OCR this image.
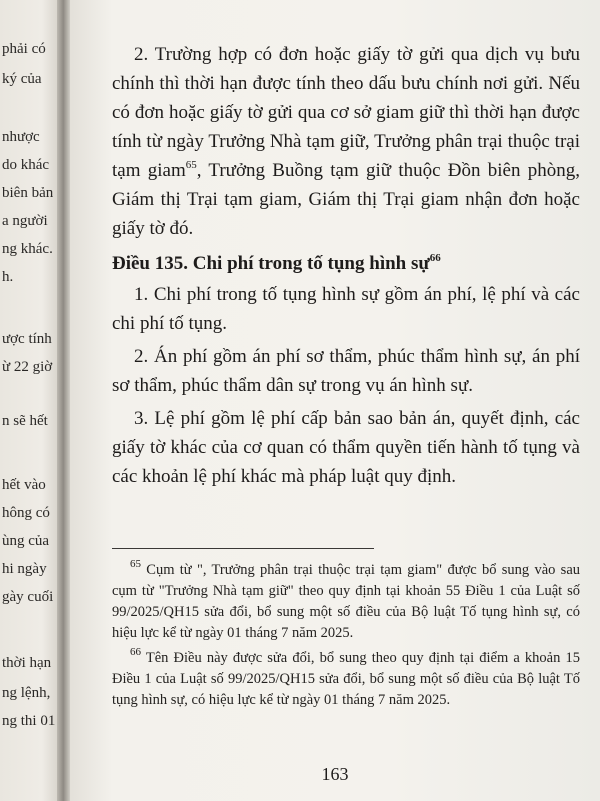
phải có
ký của
nhược
do khác
biên bản
a người
ng khác.
h.
ược tính
ừ 22 giờ
n sẽ hết
hết vào
hông có
ùng của
hi ngày
gày cuối
thời hạn
ng lệnh,
ng thi 01

2. Trường hợp có đơn hoặc giấy tờ gửi qua dịch vụ bưu chính thì thời hạn được tính theo dấu bưu chính nơi gửi. Nếu có đơn hoặc giấy tờ gửi qua cơ sở giam giữ thì thời hạn được tính từ ngày Trưởng Nhà tạm giữ, Trưởng phân trại thuộc trại tạm giam$^{65}$, Trưởng Buồng tạm giữ thuộc Đồn biên phòng, Giám thị Trại tạm giam, Giám thị Trại giam nhận đơn hoặc giấy tờ đó.

Điều 135. Chi phí trong tố tụng hình sự$^{66}$

1. Chi phí trong tố tụng hình sự gồm án phí, lệ phí và các chi phí tố tụng.

2. Án phí gồm án phí sơ thẩm, phúc thẩm hình sự, án phí sơ thẩm, phúc thẩm dân sự trong vụ án hình sự.

3. Lệ phí gồm lệ phí cấp bản sao bản án, quyết định, các giấy tờ khác của cơ quan có thẩm quyền tiến hành tố tụng và các khoản lệ phí khác mà pháp luật quy định.

$^{65}$ Cụm từ ", Trưởng phân trại thuộc trại tạm giam" được bổ sung vào sau cụm từ "Trưởng Nhà tạm giữ" theo quy định tại khoản 55 Điều 1 của Luật số 99/2025/QH15 sửa đổi, bổ sung một số điều của Bộ luật Tố tụng hình sự, có hiệu lực kể từ ngày 01 tháng 7 năm 2025.

$^{66}$ Tên Điều này được sửa đổi, bổ sung theo quy định tại điểm a khoản 15 Điều 1 của Luật số 99/2025/QH15 sửa đổi, bổ sung một số điều của Bộ luật Tố tụng hình sự, có hiệu lực kể từ ngày 01 tháng 7 năm 2025.

163
